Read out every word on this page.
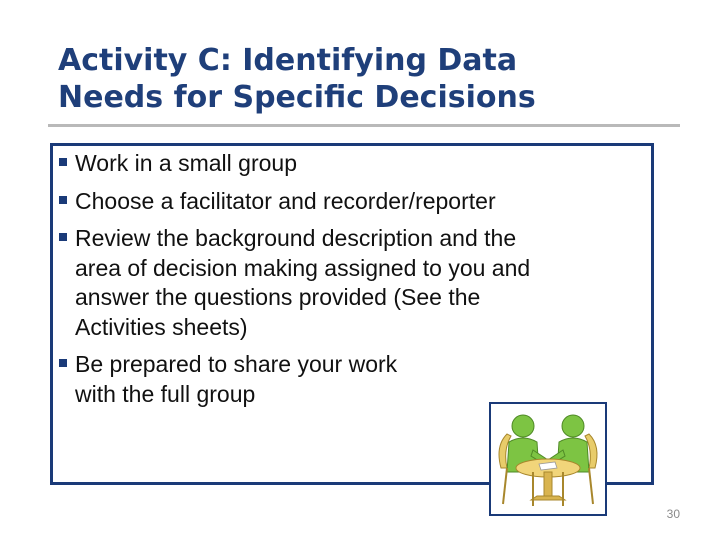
Activity C: Identifying Data
Needs for Specific Decisions
Work in a small group
Choose a facilitator and recorder/reporter
Review the background description and the
area of decision making assigned to you and
answer the questions provided (See the
Activities sheets)
Be prepared to share your work
with the full group
30
